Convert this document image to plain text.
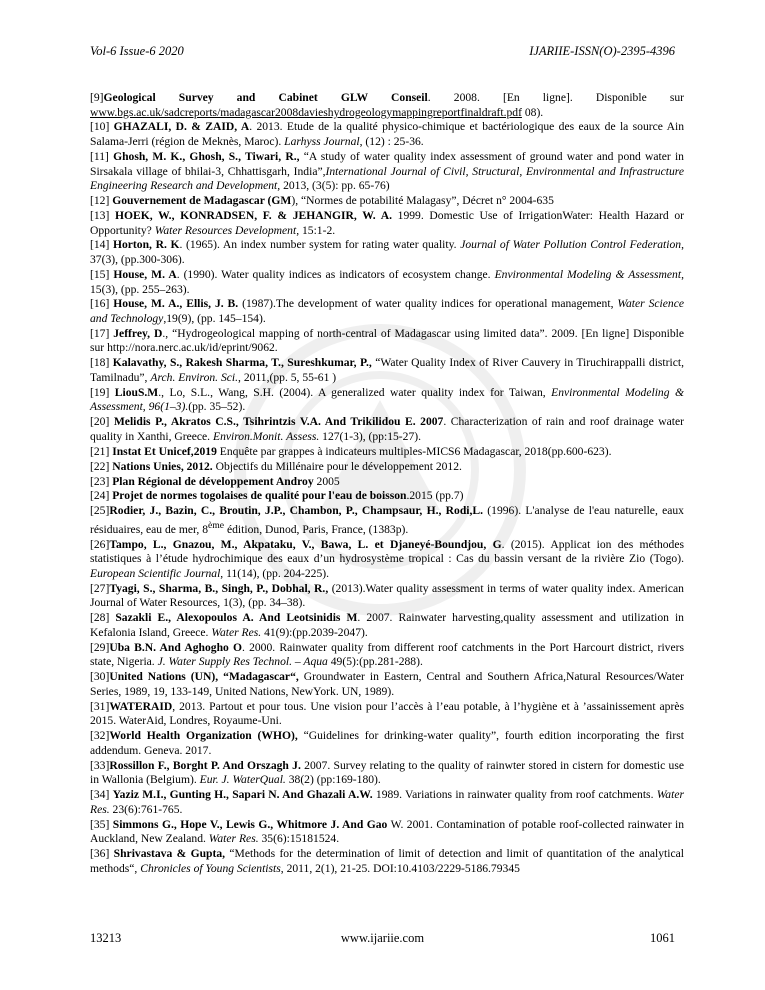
Vol-6 Issue-6 2020	IJARIIE-ISSN(O)-2395-4396
[9]Geological Survey and Cabinet GLW Conseil. 2008. [En ligne]. Disponible sur www.bgs.ac.uk/sadcreports/madagascar2008davieshydrogeologymappingreportfinaldraft.pdf 08).
[10] GHAZALI, D. & ZAID, A. 2013. Etude de la qualité physico-chimique et bactériologique des eaux de la source Ain Salama-Jerri (région de Meknès, Maroc). Larhyss Journal, (12) : 25-36.
[11] Ghosh, M. K., Ghosh, S., Tiwari, R., “A study of water quality index assessment of ground water and pond water in Sirsakala village of bhilai-3, Chhattisgarh, India”,International Journal of Civil, Structural, Environmental and Infrastructure Engineering Research and Development, 2013, (3(5): pp. 65-76)
[12] Gouvernement de Madagascar (GM), “Normes de potabilité Malagasy”, Décret n° 2004-635
[13] HOEK, W., KONRADSEN, F. & JEHANGIR, W. A. 1999. Domestic Use of IrrigationWater: Health Hazard or Opportunity? Water Resources Development, 15:1-2.
[14] Horton, R. K. (1965). An index number system for rating water quality. Journal of Water Pollution Control Federation, 37(3), (pp.300-306).
[15] House, M. A. (1990). Water quality indices as indicators of ecosystem change. Environmental Modeling & Assessment, 15(3), (pp. 255–263).
[16] House, M. A., Ellis, J. B. (1987).The development of water quality indices for operational management, Water Science and Technology,19(9), (pp. 145–154).
[17] Jeffrey, D., “Hydrogeological mapping of north-central of Madagascar using limited data”. 2009. [En ligne] Disponible sur http://nora.nerc.ac.uk/id/eprint/9062.
[18] Kalavathy, S., Rakesh Sharma, T., Sureshkumar, P., “Water Quality Index of River Cauvery in Tiruchirappalli district, Tamilnadu”, Arch. Environ. Sci., 2011,(pp. 5, 55-61 )
[19] LiouS.M., Lo, S.L., Wang, S.H. (2004). A generalized water quality index for Taiwan, Environmental Modeling & Assessment, 96(1–3).(pp. 35–52).
[20] Melidis P., Akratos C.S., Tsihrintzis V.A. And Trikilidou E. 2007. Characterization of rain and roof drainage water quality in Xanthi, Greece. Environ.Monit. Assess. 127(1-3), (pp:15-27).
[21] Instat Et Unicef,2019 Enquête par grappes à indicateurs multiples-MICS6 Madagascar, 2018(pp.600-623).
[22] Nations Unies, 2012. Objectifs du Millénaire pour le développement 2012.
[23] Plan Régional de développement Androy 2005
[24] Projet de normes togolaises de qualité pour l'eau de boisson.2015 (pp.7)
[25]Rodier, J., Bazin, C., Broutin, J.P., Chambon, P., Champsaur, H., Rodi,L. (1996). L'analyse de l'eau naturelle, eaux résiduaires, eau de mer, 8ème édition, Dunod, Paris, France, (1383p).
[26]Tampo, L., Gnazou, M., Akpataku, V., Bawa, L. et Djaneyé-Boundjou, G. (2015). Applicat ion des méthodes statistiques à l’étude hydrochimique des eaux d’un hydrosystème tropical : Cas du bassin versant de la rivière Zio (Togo). European Scientific Journal, 11(14), (pp. 204-225).
[27]Tyagi, S., Sharma, B., Singh, P., Dobhal, R., (2013).Water quality assessment in terms of water quality index. American Journal of Water Resources, 1(3), (pp. 34–38).
[28] Sazakli E., Alexopoulos A. And Leotsinidis M. 2007. Rainwater harvesting,quality assessment and utilization in Kefalonia Island, Greece. Water Res. 41(9):(pp.2039-2047).
[29]Uba B.N. And Aghogho O. 2000. Rainwater quality from different roof catchments in the Port Harcourt district, rivers state, Nigeria. J. Water Supply Res Technol. – Aqua 49(5):(pp.281-288).
[30]United Nations (UN), “Madagascar“, Groundwater in Eastern, Central and Southern Africa,Natural Resources/Water Series, 1989, 19, 133-149, United Nations, NewYork. UN, 1989).
[31]WATERAID, 2013. Partout et pour tous. Une vision pour l’accès à l’eau potable, à l’hygiène et à ’assainissement après 2015. WaterAid, Londres, Royaume-Uni.
[32]World Health Organization (WHO), “Guidelines for drinking-water quality”, fourth edition incorporating the first addendum. Geneva. 2017.
[33]Rossillon F., Borght P. And Orszagh J. 2007. Survey relating to the quality of rainwter stored in cistern for domestic use in Wallonia (Belgium). Eur. J. WaterQual. 38(2) (pp:169-180).
[34] Yaziz M.I., Gunting H., Sapari N. And Ghazali A.W. 1989. Variations in rainwater quality from roof catchments. Water Res. 23(6):761-765.
[35] Simmons G., Hope V., Lewis G., Whitmore J. And Gao W. 2001. Contamination of potable roof-collected rainwater in Auckland, New Zealand. Water Res. 35(6):15181524.
[36] Shrivastava & Gupta, “Methods for the determination of limit of detection and limit of quantitation of the analytical methods“, Chronicles of Young Scientists, 2011, 2(1), 21-25. DOI:10.4103/2229-5186.79345
13213	www.ijariie.com	1061
